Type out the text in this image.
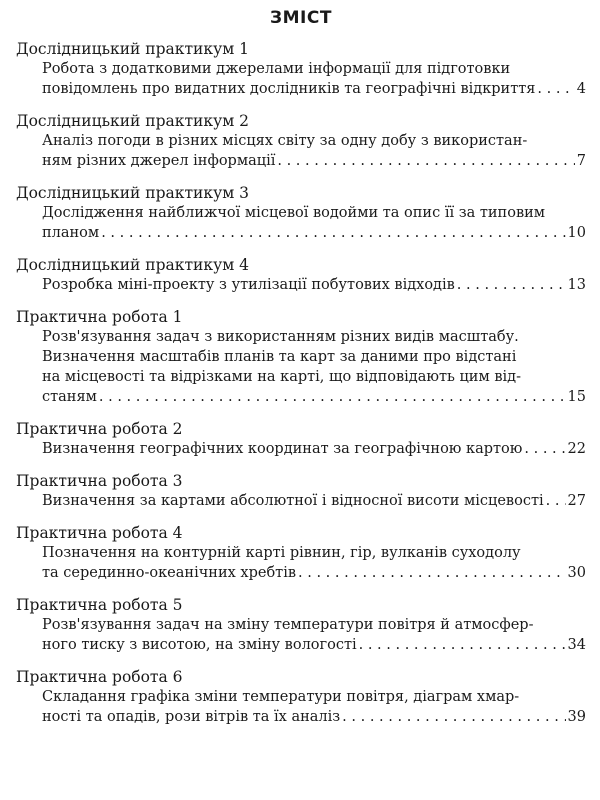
ЗМІСТ
Дослідницький практикум 1
Робота з додатковими джерелами інформації для підготовки
повідомлень про видатних дослідників та географічні відкриття . . .	4
Дослідницький практикум 2
Аналіз погоди в різних місцях світу за одну добу з використан-
ням різних джерел інформації . . .	7
Дослідницький практикум 3
Дослідження найближчої місцевої водойми та опис її за типовим
планом . . .	10
Дослідницький практикум 4
Розробка міні-проекту з утилізації побутових відходів . . .	13
Практична робота 1
Розв'язування задач з використанням різних видів масштабу.
Визначення масштабів планів та карт за даними про відстані
на місцевості та відрізками на карті, що відповідають цим від-
станям . . .	15
Практична робота 2
Визначення географічних координат за географічною картою . . .	22
Практична робота 3
Визначення за картами абсолютної і відносної висоти місцевості . . . 27
Практична робота 4
Позначення на контурній карті рівнин, гір, вулканів суходолу
та серединно-океанічних хребтів . . .	30
Практична робота 5
Розв'язування задач на зміну температури повітря й атмосфер-
ного тиску з висотою, на зміну вологості . . .	34
Практична робота 6
Складання графіка зміни температури повітря, діаграм хмар-
ності та опадів, рози вітрів та їх аналіз . . .	39
